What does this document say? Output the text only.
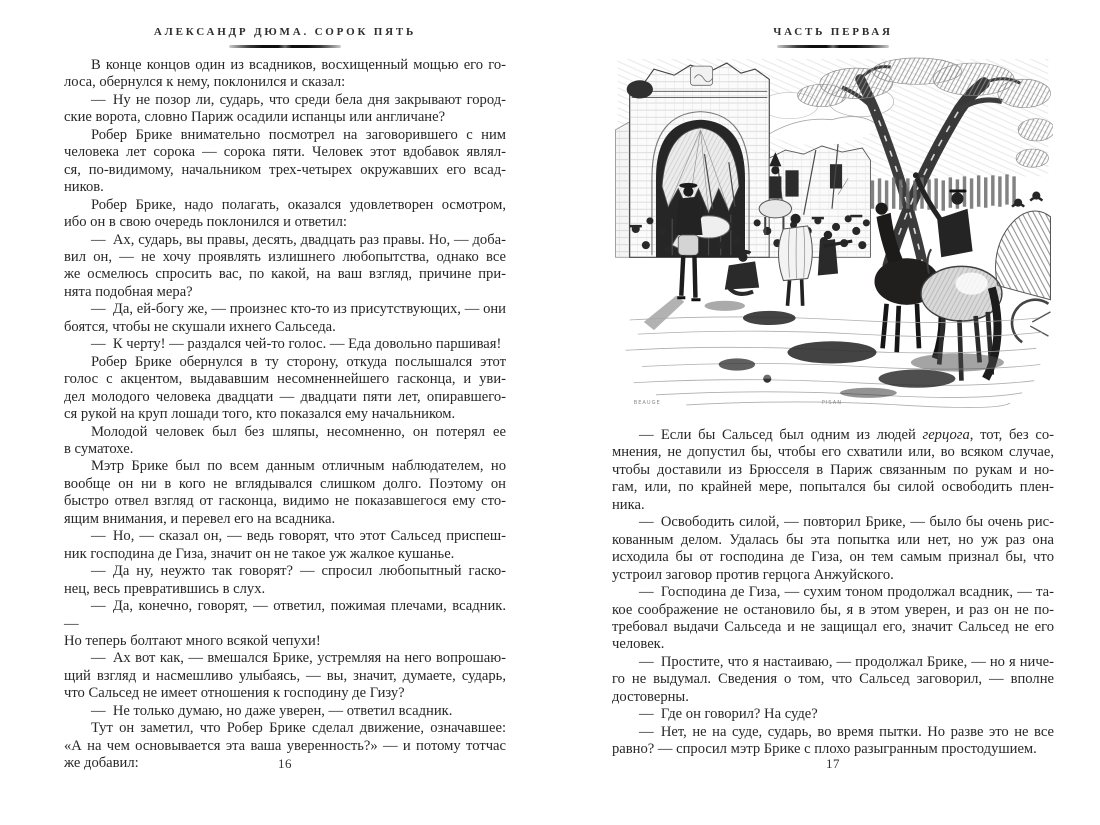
АЛЕКСАНДР ДЮМА. СОРОК ПЯТЬ
В конце концов один из всадников, восхищенный мощью его го-
лоса, обернулся к нему, поклонился и сказал:
— Ну не позор ли, сударь, что среди бела дня закрывают город-
ские ворота, словно Париж осадили испанцы или англичане?
Робер Брике внимательно посмотрел на заговорившего с ним
человека лет сорока — сорока пяти. Человек этот вдобавок являл-
ся, по-видимому, начальником трех-четырех окружавших его всад-
ников.
Робер Брике, надо полагать, оказался удовлетворен осмотром,
ибо он в свою очередь поклонился и ответил:
— Ах, сударь, вы правы, десять, двадцать раз правы. Но, — доба-
вил он, — не хочу проявлять излишнего любопытства, однако все
же осмелюсь спросить вас, по какой, на ваш взгляд, причине при-
нята подобная мера?
— Да, ей-богу же, — произнес кто-то из присутствующих, — они
боятся, чтобы не скушали ихнего Сальседа.
— К черту! — раздался чей-то голос. — Еда довольно паршивая!
Робер Брике обернулся в ту сторону, откуда послышался этот
голос с акцентом, выдававшим несомненнейшего гасконца, и уви-
дел молодого человека двадцати — двадцати пяти лет, опиравшего-
ся рукой на круп лошади того, кто показался ему начальником.
Молодой человек был без шляпы, несомненно, он потерял ее
в суматохе.
Мэтр Брике был по всем данным отличным наблюдателем, но
вообще он ни в кого не вглядывался слишком долго. Поэтому он
быстро отвел взгляд от гасконца, видимо не показавшегося ему сто-
ящим внимания, и перевел его на всадника.
— Но, — сказал он, — ведь говорят, что этот Сальсед приспеш-
ник господина де Гиза, значит он не такое уж жалкое кушанье.
— Да ну, неужто так говорят? — спросил любопытный гаско-
нец, весь превратившись в слух.
— Да, конечно, говорят, — ответил, пожимая плечами, всадник. —
Но теперь болтают много всякой чепухи!
— Ах вот как, — вмешался Брике, устремляя на него вопрошаю-
щий взгляд и насмешливо улыбаясь, — вы, значит, думаете, сударь,
что Сальсед не имеет отношения к господину де Гизу?
— Не только думаю, но даже уверен, — ответил всадник.
Тут он заметил, что Робер Брике сделал движение, означавшее:
«А на чем основывается эта ваша уверенность?» — и потому тотчас
же добавил:	16
ЧАСТЬ ПЕРВАЯ
BEAUGE	PISAN
— Если бы Сальсед был одним из людей герцога, тот, без со-
мнения, не допустил бы, чтобы его схватили или, во всяком случае,
чтобы доставили из Брюсселя в Париж связанным по рукам и но-
гам, или, по крайней мере, попытался бы силой освободить плен-
ника.
— Освободить силой, — повторил Брике, — было бы очень рис-
кованным делом. Удалась бы эта попытка или нет, но уж раз она
исходила бы от господина де Гиза, он тем самым признал бы, что
устроил заговор против герцога Анжуйского.
— Господина де Гиза, — сухим тоном продолжал всадник, — та-
кое соображение не остановило бы, я в этом уверен, и раз он не по-
требовал выдачи Сальседа и не защищал его, значит Сальсед не его
человек.
— Простите, что я настаиваю, — продолжал Брике, — но я ниче-
го не выдумал. Сведения о том, что Сальсед заговорил, — вполне
достоверны.
— Где он говорил? На суде?
— Нет, не на суде, сударь, во время пытки. Но разве это не все
равно? — спросил мэтр Брике с плохо разыгранным простодушием.
17
